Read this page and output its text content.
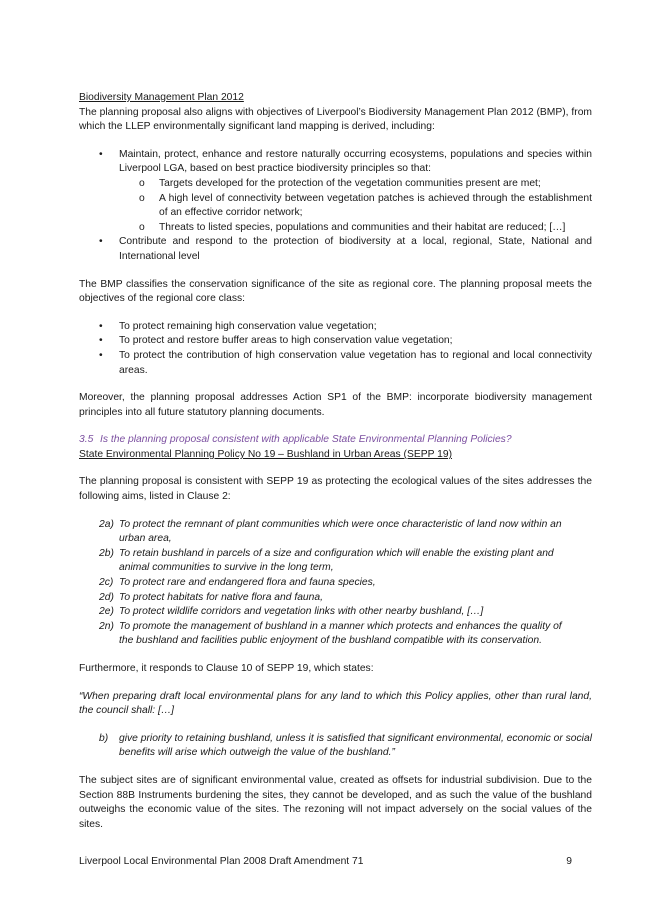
Biodiversity Management Plan 2012

The planning proposal also aligns with objectives of Liverpool’s Biodiversity Management Plan 2012 (BMP), from which the LLEP environmentally significant land mapping is derived, including:

• Maintain, protect, enhance and restore naturally occurring ecosystems, populations and species within Liverpool LGA, based on best practice biodiversity principles so that:
o Targets developed for the protection of the vegetation communities present are met;
o A high level of connectivity between vegetation patches is achieved through the establishment of an effective corridor network;
o Threats to listed species, populations and communities and their habitat are reduced; […]
• Contribute and respond to the protection of biodiversity at a local, regional, State, National and International level

The BMP classifies the conservation significance of the site as regional core. The planning proposal meets the objectives of the regional core class:

• To protect remaining high conservation value vegetation;
• To protect and restore buffer areas to high conservation value vegetation;
• To protect the contribution of high conservation value vegetation has to regional and local connectivity areas.

Moreover, the planning proposal addresses Action SP1 of the BMP: incorporate biodiversity management principles into all future statutory planning documents.

3.5 Is the planning proposal consistent with applicable State Environmental Planning Policies?

State Environmental Planning Policy No 19 – Bushland in Urban Areas (SEPP 19)

The planning proposal is consistent with SEPP 19 as protecting the ecological values of the sites addresses the following aims, listed in Clause 2:

2a) To protect the remnant of plant communities which were once characteristic of land now within an urban area,
2b) To retain bushland in parcels of a size and configuration which will enable the existing plant and animal communities to survive in the long term,
2c) To protect rare and endangered flora and fauna species,
2d) To protect habitats for native flora and fauna,
2e) To protect wildlife corridors and vegetation links with other nearby bushland, […]
2n) To promote the management of bushland in a manner which protects and enhances the quality of the bushland and facilities public enjoyment of the bushland compatible with its conservation.

Furthermore, it responds to Clause 10 of SEPP 19, which states:

“When preparing draft local environmental plans for any land to which this Policy applies, other than rural land, the council shall: […]

b) give priority to retaining bushland, unless it is satisfied that significant environmental, economic or social benefits will arise which outweigh the value of the bushland.”

The subject sites are of significant environmental value, created as offsets for industrial subdivision. Due to the Section 88B Instruments burdening the sites, they cannot be developed, and as such the value of the bushland outweighs the economic value of the sites. The rezoning will not impact adversely on the social values of the sites.

Liverpool Local Environmental Plan 2008 Draft Amendment 71	9
